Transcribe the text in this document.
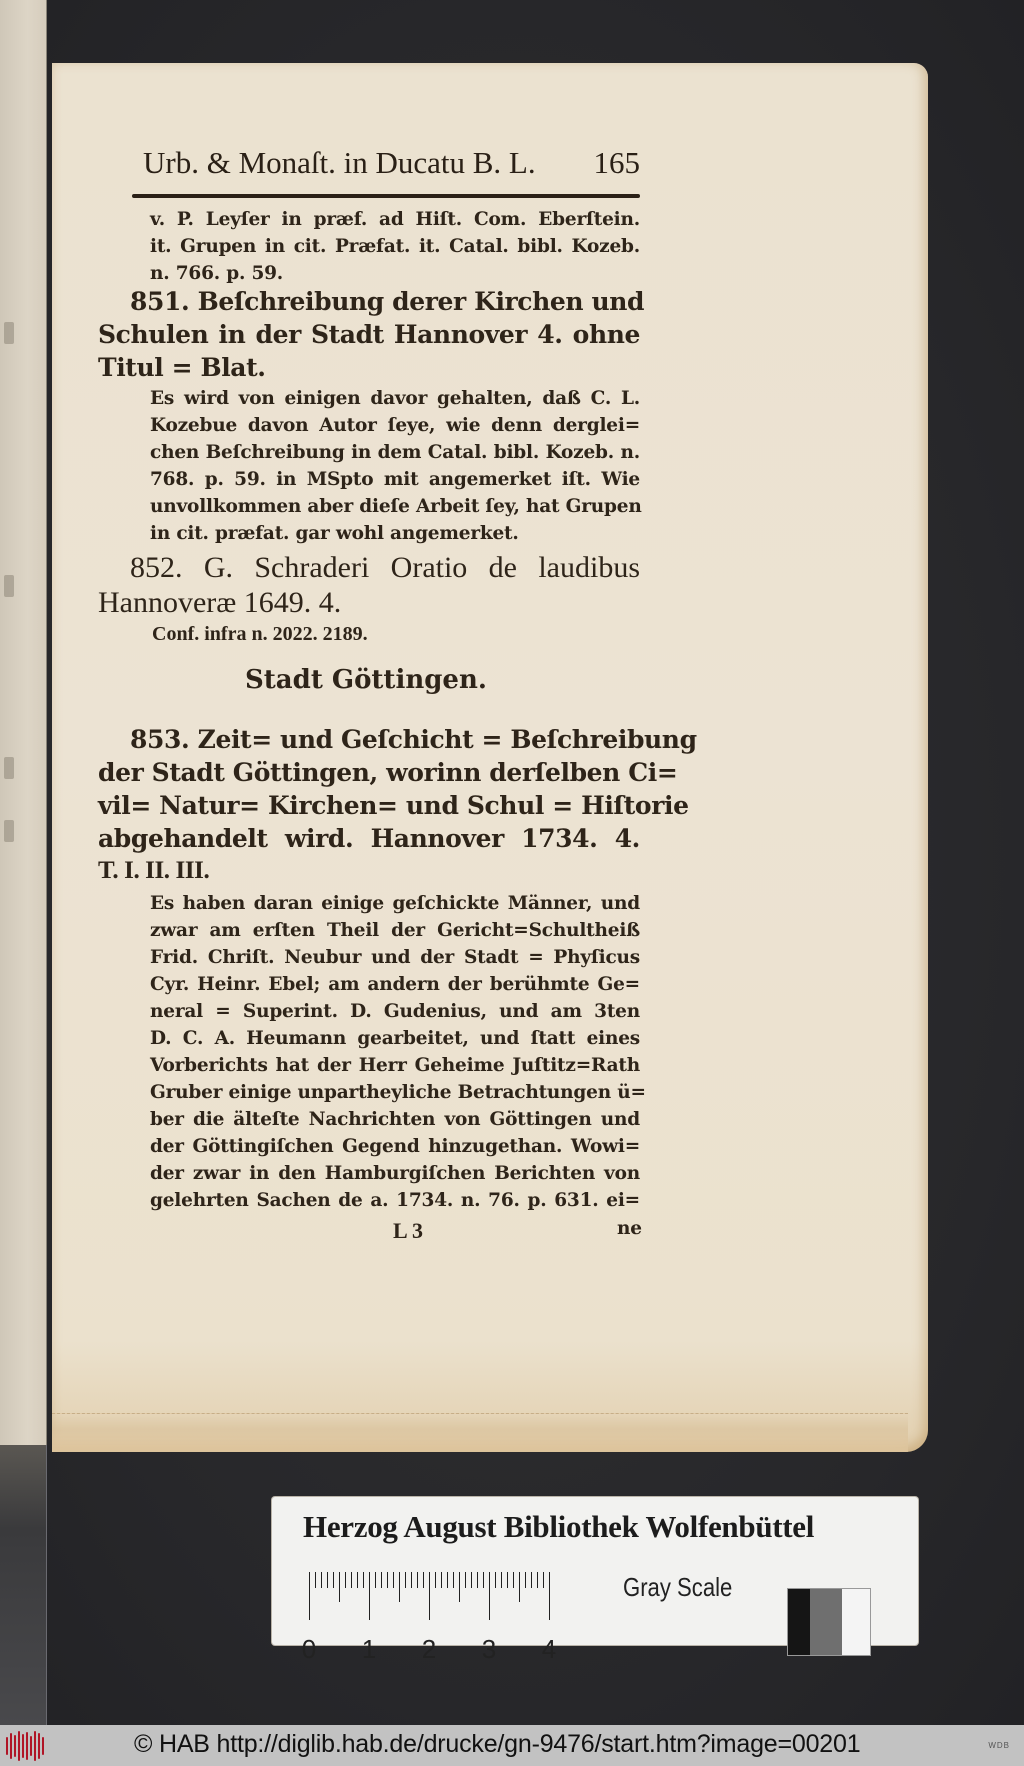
Urb. & Monaſt. in Ducatu B. L. 165
v. P. Leyſer in præf. ad Hiſt. Com. Eberſtein.
it. Grupen in cit. Præfat. it. Catal. bibl. Kozeb.
n. 766. p. 59.
851. Beſchreibung derer Kirchen und
Schulen in der Stadt Hannover 4. ohne
Titul = Blat.
Es wird von einigen davor gehalten, daß C. L.
Kozebue davon Autor ſeye, wie denn derglei=
chen Beſchreibung in dem Catal. bibl. Kozeb. n.
768. p. 59. in MSpto mit angemerket iſt. Wie
unvollkommen aber dieſe Arbeit ſey, hat Grupen
in cit. præfat. gar wohl angemerket.
852. G. Schraderi Oratio de laudibus
Hannoveræ 1649. 4.
Conf. infra n. 2022. 2189.
Stadt Göttingen.
853. Zeit= und Geſchicht = Beſchreibung
der Stadt Göttingen, worinn derſelben Ci=
vil= Natur= Kirchen= und Schul = Hiſtorie
abgehandelt wird. Hannover 1734. 4.
T. I. II. III.
Es haben daran einige geſchickte Männer, und
zwar am erſten Theil der Gericht=Schultheiß
Frid. Chriſt. Neubur und der Stadt = Phyſicus
Cyr. Heinr. Ebel; am andern der berühmte Ge=
neral = Superint. D. Gudenius, und am 3ten
D. C. A. Heumann gearbeitet, und ſtatt eines
Vorberichts hat der Herr Geheime Juſtitz=Rath
Gruber einige unpartheyliche Betrachtungen ü=
ber die älteſte Nachrichten von Göttingen und
der Göttingiſchen Gegend hinzugethan. Wowi=
der zwar in den Hamburgiſchen Berichten von
gelehrten Sachen de a. 1734. n. 76. p. 631. ei=
L 3	ne
Herzog August Bibliothek Wolfenbüttel
0 1 2 3 4
Gray Scale
© HAB http://diglib.hab.de/drucke/gn-9476/start.htm?image=00201	WDB
